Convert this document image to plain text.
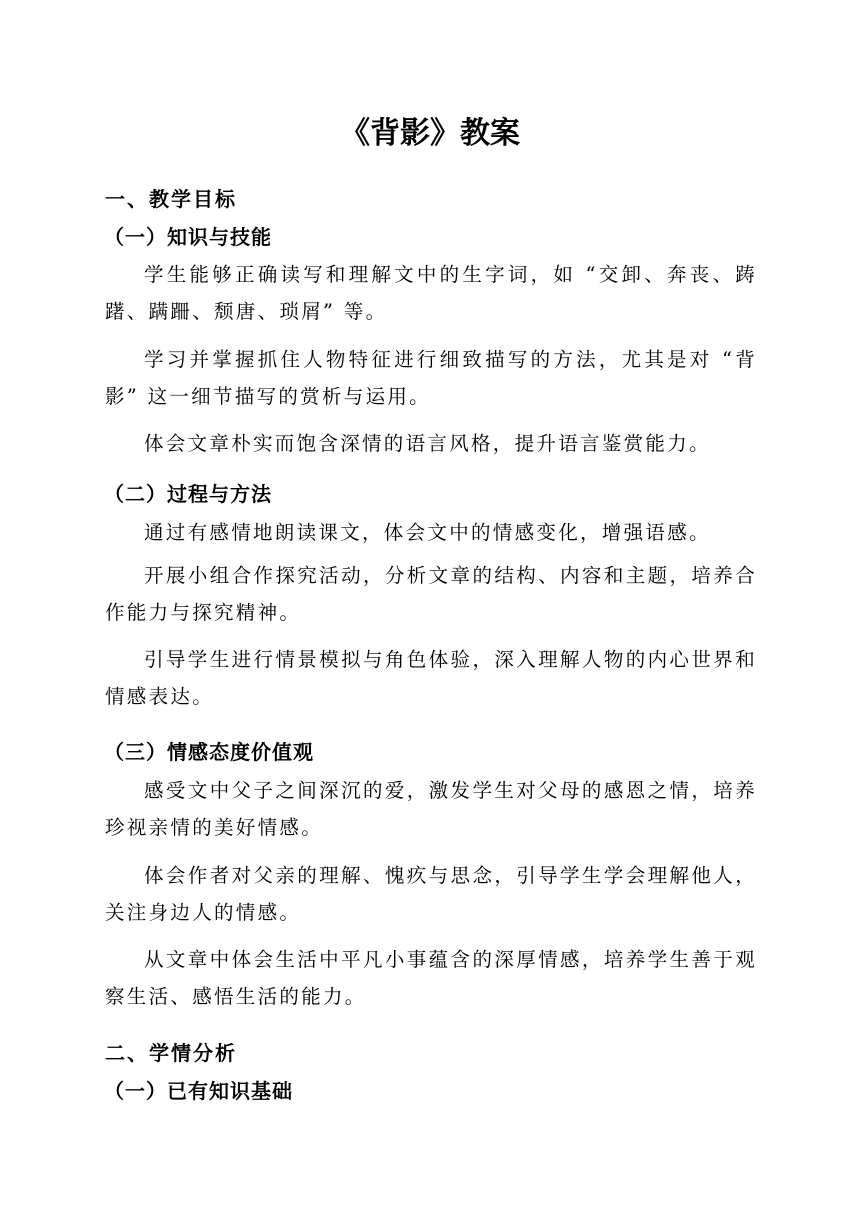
《背影》教案
一、教学目标
（一）知识与技能

学生能够正确读写和理解文中的生字词，如 “交卸、奔丧、踌躇、蹒跚、颓唐、琐屑” 等。

学习并掌握抓住人物特征进行细致描写的方法，尤其是对 “背影” 这一细节描写的赏析与运用。

体会文章朴实而饱含深情的语言风格，提升语言鉴赏能力。

（二）过程与方法

通过有感情地朗读课文，体会文中的情感变化，增强语感。

开展小组合作探究活动，分析文章的结构、内容和主题，培养合作能力与探究精神。

引导学生进行情景模拟与角色体验，深入理解人物的内心世界和情感表达。

（三）情感态度价值观

感受文中父子之间深沉的爱，激发学生对父母的感恩之情，培养珍视亲情的美好情感。

体会作者对父亲的理解、愧疚与思念，引导学生学会理解他人，关注身边人的情感。

从文章中体会生活中平凡小事蕴含的深厚情感，培养学生善于观察生活、感悟生活的能力。

二、学情分析
（一）已有知识基础
